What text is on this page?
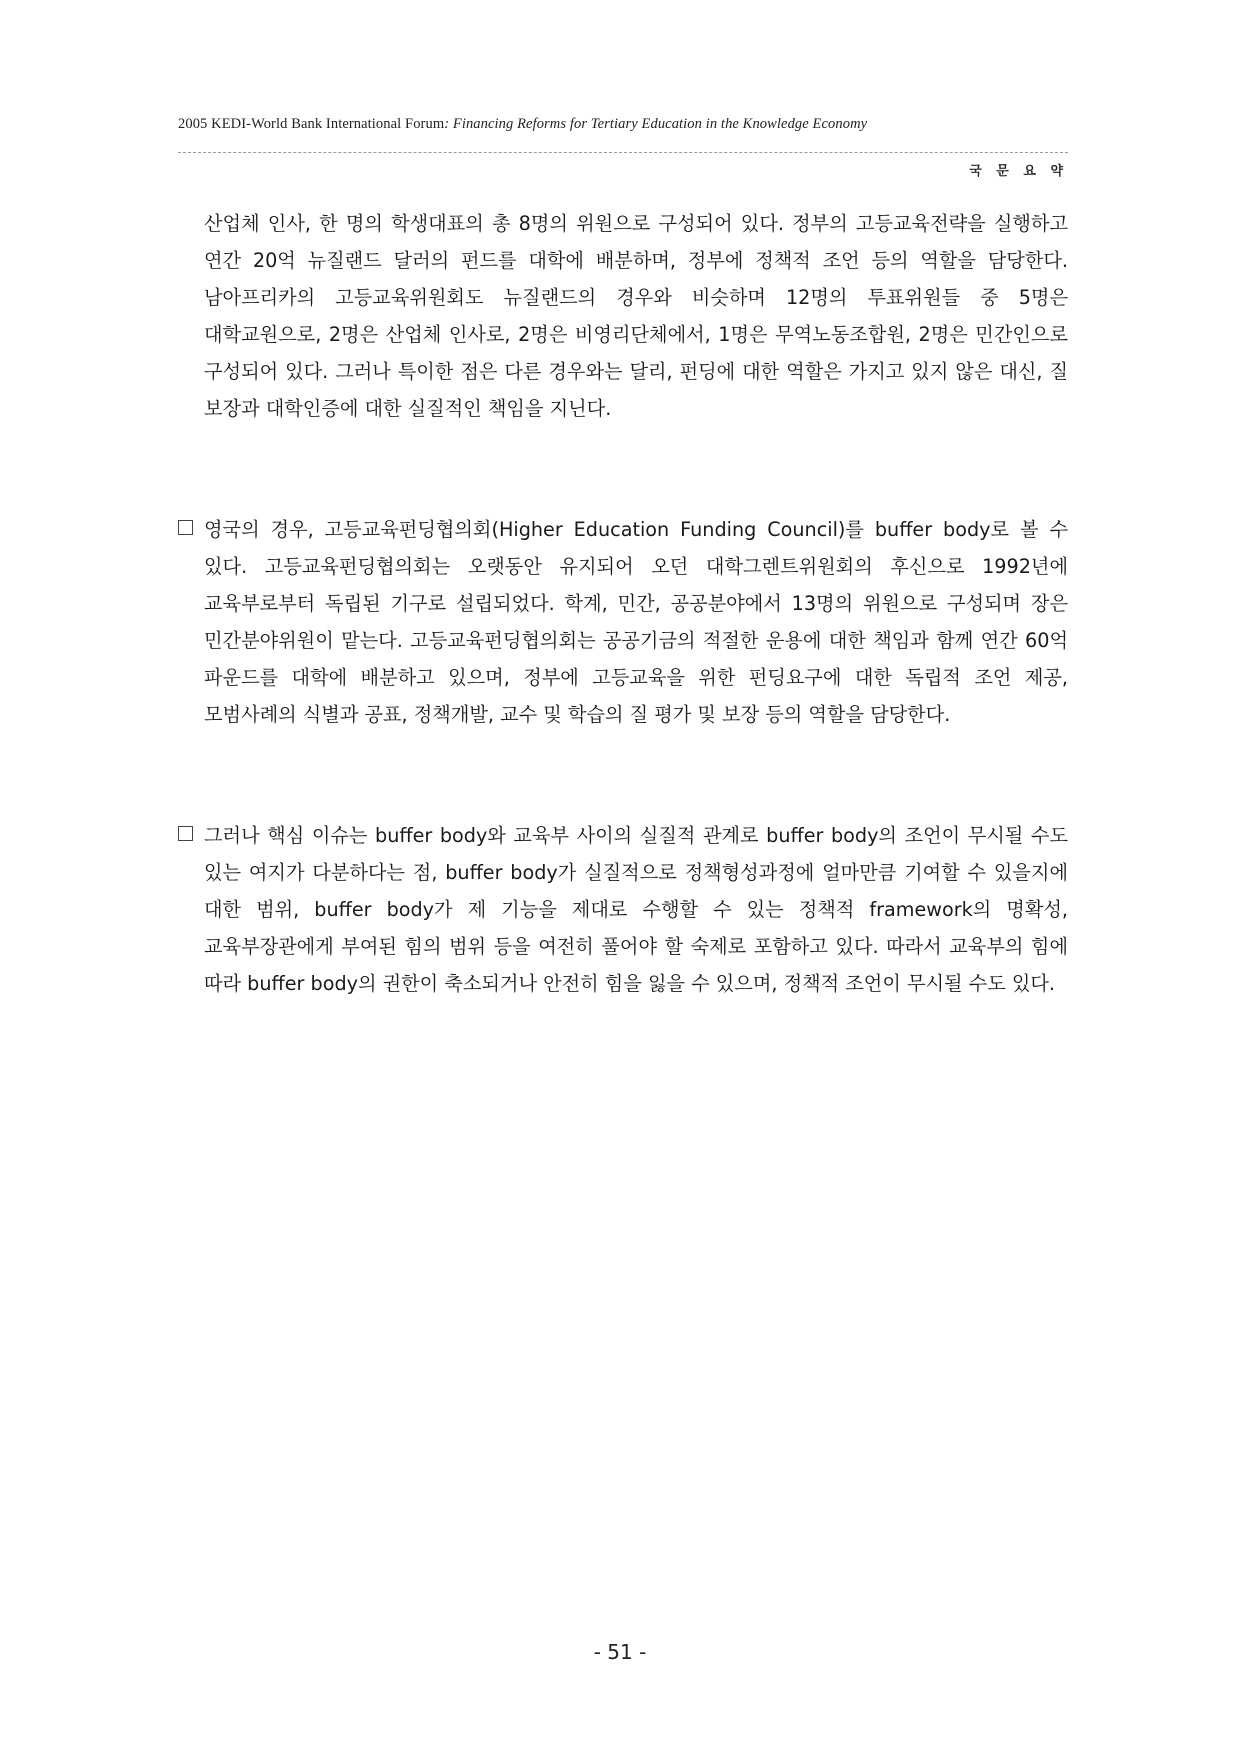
2005 KEDI-World Bank International Forum: Financing Reforms for Tertiary Education in the Knowledge Economy
국 문 요 약
산업체 인사, 한 명의 학생대표의 총 8명의 위원으로 구성되어 있다. 정부의 고등교육전략을 실행하고 연간 20억 뉴질랜드 달러의 펀드를 대학에 배분하며, 정부에 정책적 조언 등의 역할을 담당한다. 남아프리카의 고등교육위원회도 뉴질랜드의 경우와 비슷하며 12명의 투표위원들 중 5명은 대학교원으로, 2명은 산업체 인사로, 2명은 비영리단체에서, 1명은 무역노동조합원, 2명은 민간인으로 구성되어 있다. 그러나 특이한 점은 다른 경우와는 달리, 펀딩에 대한 역할은 가지고 있지 않은 대신, 질 보장과 대학인증에 대한 실질적인 책임을 지닌다.
영국의 경우, 고등교육펀딩협의회(Higher Education Funding Council)를 buffer body로 볼 수 있다. 고등교육펀딩협의회는 오랫동안 유지되어 오던 대학그렌트위원회의 후신으로 1992년에 교육부로부터 독립된 기구로 설립되었다. 학계, 민간, 공공분야에서 13명의 위원으로 구성되며 장은 민간분야위원이 맡는다. 고등교육펀딩협의회는 공공기금의 적절한 운용에 대한 책임과 함께 연간 60억 파운드를 대학에 배분하고 있으며, 정부에 고등교육을 위한 펀딩요구에 대한 독립적 조언 제공, 모범사례의 식별과 공표, 정책개발, 교수 및 학습의 질 평가 및 보장 등의 역할을 담당한다.
그러나 핵심 이슈는 buffer body와 교육부 사이의 실질적 관계로 buffer body의 조언이 무시될 수도 있는 여지가 다분하다는 점, buffer body가 실질적으로 정책형성과정에 얼마만큼 기여할 수 있을지에 대한 범위, buffer body가 제 기능을 제대로 수행할 수 있는 정책적 framework의 명확성, 교육부장관에게 부여된 힘의 범위 등을 여전히 풀어야 할 숙제로 포함하고 있다. 따라서 교육부의 힘에 따라 buffer body의 권한이 축소되거나 안전히 힘을 잃을 수 있으며, 정책적 조언이 무시될 수도 있다.
- 51 -
